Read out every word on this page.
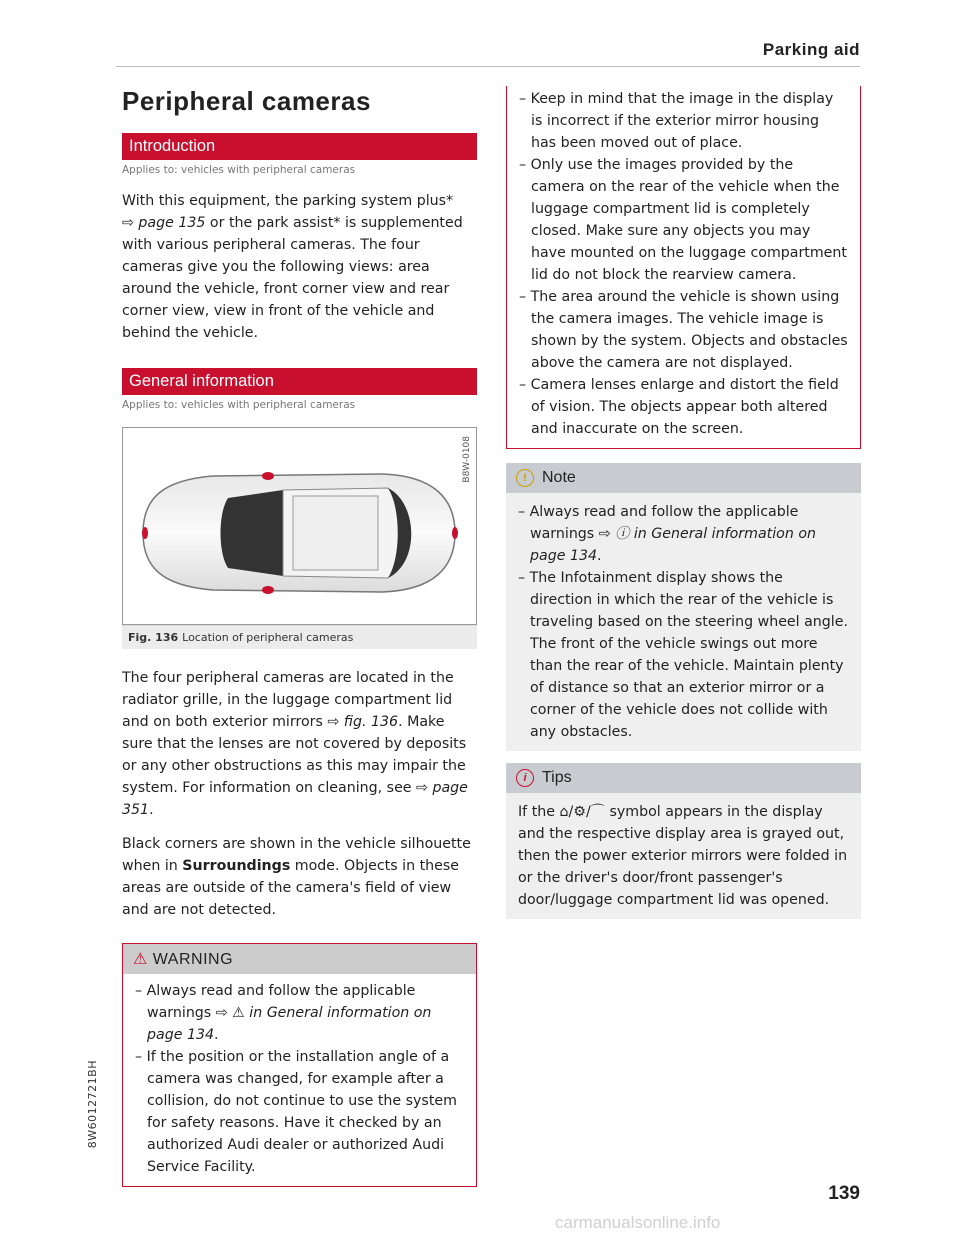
Parking aid
Peripheral cameras
Introduction
Applies to: vehicles with peripheral cameras

With this equipment, the parking system plus*
⇨ page 135 or the park assist* is supplemented with various peripheral cameras. The four cameras give you the following views: area around the vehicle, front corner view and rear corner view, view in front of the vehicle and behind the vehicle.

General information
Applies to: vehicles with peripheral cameras
B8W-0108
Fig. 136 Location of peripheral cameras

The four peripheral cameras are located in the radiator grille, in the luggage compartment lid and on both exterior mirrors ⇨ fig. 136. Make sure that the lenses are not covered by deposits or any other obstructions as this may impair the system. For information on cleaning, see ⇨ page 351.

Black corners are shown in the vehicle silhouette when in Surroundings mode. Objects in these areas are outside of the camera's field of view and are not detected.

⚠ WARNING
– Always read and follow the applicable warnings ⇨ ⚠ in General information on page 134.
– If the position or the installation angle of a camera was changed, for example after a collision, do not continue to use the system for safety reasons. Have it checked by an authorized Audi dealer or authorized Audi Service Facility.
– Keep in mind that the image in the display is incorrect if the exterior mirror housing has been moved out of place.
– Only use the images provided by the camera on the rear of the vehicle when the luggage compartment lid is completely closed. Make sure any objects you may have mounted on the luggage compartment lid do not block the rearview camera.
– The area around the vehicle is shown using the camera images. The vehicle image is shown by the system. Objects and obstacles above the camera are not displayed.
– Camera lenses enlarge and distort the field of vision. The objects appear both altered and inaccurate on the screen.
! Note
– Always read and follow the applicable warnings ⇨ ⓘ in General information on page 134.
– The Infotainment display shows the direction in which the rear of the vehicle is traveling based on the steering wheel angle. The front of the vehicle swings out more than the rear of the vehicle. Maintain plenty of distance so that an exterior mirror or a corner of the vehicle does not collide with any obstacles.
i Tips

If the ⌂/⚙/⌒ symbol appears in the display and the respective display area is grayed out, then the power exterior mirrors were folded in or the driver's door/front passenger's door/luggage compartment lid was opened.

8W6012721BH
139
carmanualsonline.info
